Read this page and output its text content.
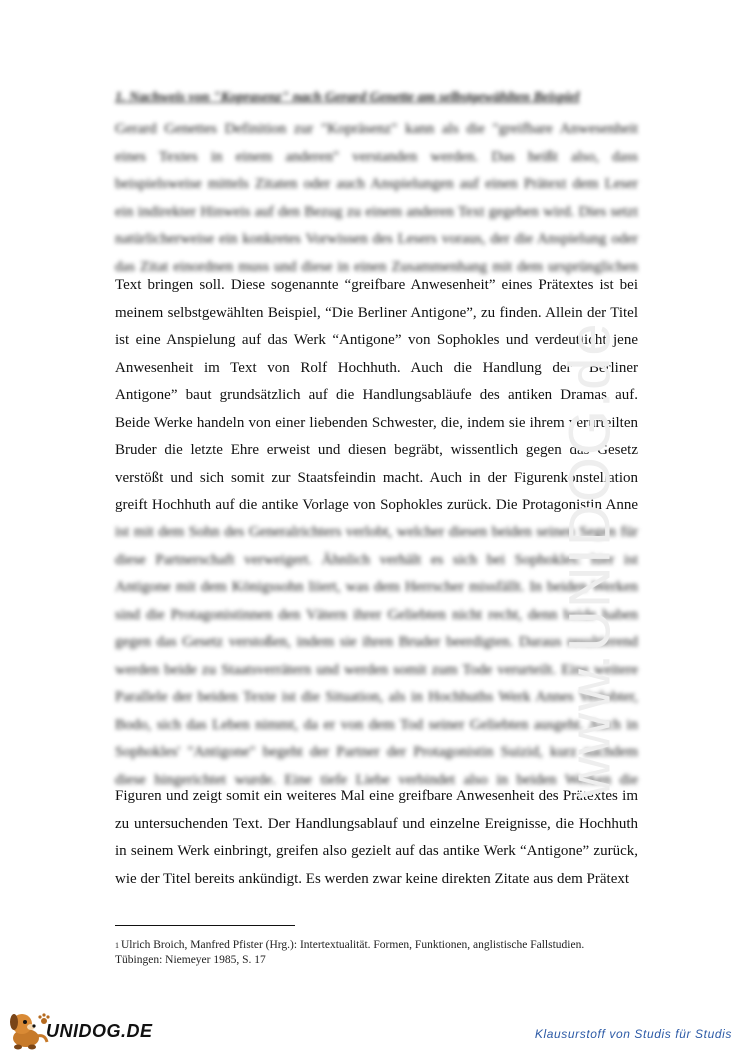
1. Nachweis von "Koprasenz" nach Gerard Genette am selbstgewählten Beispiel
Gerard Genettes Definition zur "Kopräsenz" kann als die "greifbare Anwesenheit
eines Textes in einem anderen" verstanden werden. Das heißt also, dass
beispielsweise mittels Zitaten oder auch Anspielungen auf einen Prätext dem Leser
ein indirekter Hinweis auf den Bezug zu einem anderen Text gegeben wird. Dies setzt
natürlicherweise ein konkretes Vorwissen des Lesers voraus, der die Anspielung oder
das Zitat einordnen muss und diese in einen Zusammenhang mit dem ursprünglichen
Text bringen soll. Diese sogenannte “greifbare Anwesenheit” eines Prätextes ist bei
meinem selbstgewählten Beispiel, “Die Berliner Antigone”, zu finden. Allein der Titel
ist eine Anspielung auf das Werk “Antigone” von Sophokles und verdeutlicht jene
Anwesenheit im Text von Rolf Hochhuth. Auch die Handlung der “Berliner
Antigone” baut grundsätzlich auf die Handlungsabläufe des antiken Dramas auf.
Beide Werke handeln von einer liebenden Schwester, die, indem sie ihrem verurteilten
Bruder die letzte Ehre erweist und diesen begräbt, wissentlich gegen das Gesetz
verstößt und sich somit zur Staatsfeindin macht. Auch in der Figurenkonstellation
greift Hochhuth auf die antike Vorlage von Sophokles zurück. Die Protagonistin Anne
ist mit dem Sohn des Generalrichters verlobt, welcher diesen beiden seinen Segen für
diese Partnerschaft verweigert. Ähnlich verhält es sich bei Sophokles: hier ist
Antigone mit dem Königssohn liiert, was dem Herrscher missfällt. In beiden Werken
sind die Protagonistinnen den Vätern ihrer Geliebten nicht recht, denn beide haben
gegen das Gesetz verstoßen, indem sie ihren Bruder beerdigten. Daraus resultierend
werden beide zu Staatsverrätern und werden somit zum Tode verurteilt. Eine weitere
Parallele der beiden Texte ist die Situation, als in Hochhuths Werk Annes Verlobter,
Bodo, sich das Leben nimmt, da er von dem Tod seiner Geliebten ausgeht. Auch in
Sophokles' "Antigone" begeht der Partner der Protagonistin Suizid, kurz nachdem
diese hingerichtet wurde. Eine tiefe Liebe verbindet also in beiden Werken die
Figuren und zeigt somit ein weiteres Mal eine greifbare Anwesenheit des Prätextes im
zu untersuchenden Text. Der Handlungsablauf und einzelne Ereignisse, die Hochhuth
in seinem Werk einbringt, greifen also gezielt auf das antike Werk “Antigone” zurück,
wie der Titel bereits ankündigt. Es werden zwar keine direkten Zitate aus dem Prätext
$^1$ Ulrich Broich, Manfred Pfister (Hrg.): Intertextualität. Formen, Funktionen, anglistische Fallstudien.
Tübingen: Niemeyer 1985, S. 17
www.UNIDOG.de
UNIDOG.DE	Klausurstoff von Studis für Studis
